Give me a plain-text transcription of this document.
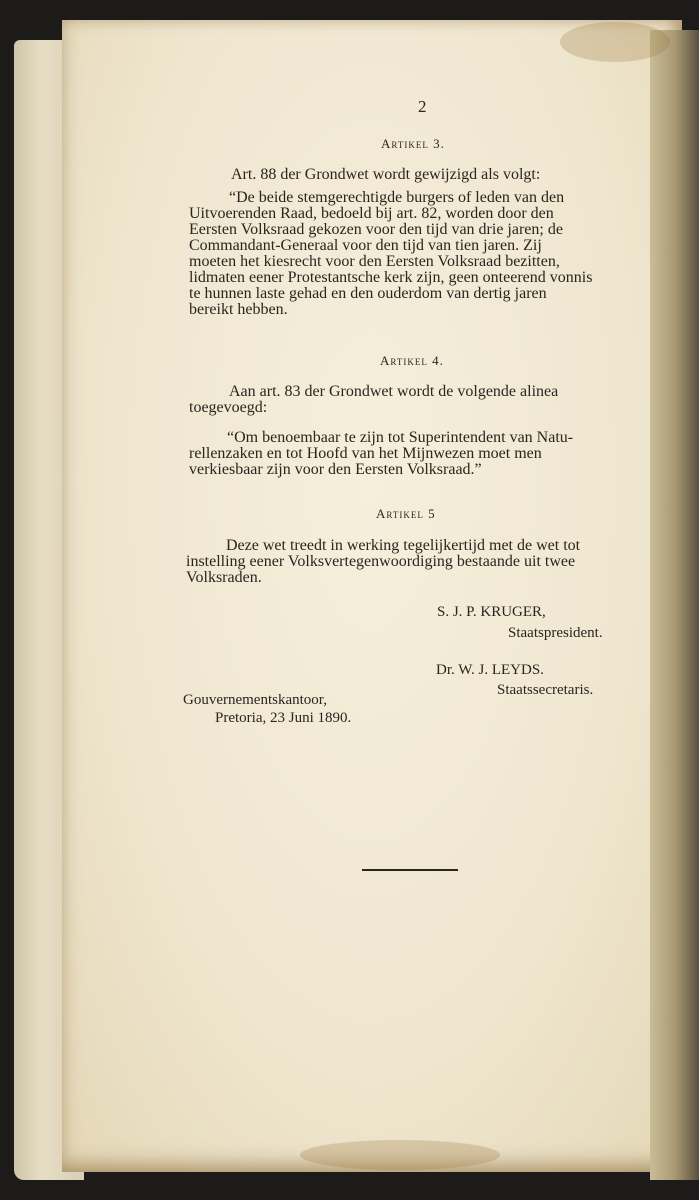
2
Artikel 3.
Art. 88 der Grondwet wordt gewijzigd als volgt:
“De beide stemgerechtigde burgers of leden van den
Uitvoerenden Raad, bedoeld bij art. 82, worden door den
Eersten Volksraad gekozen voor den tijd van drie jaren; de
Commandant-Generaal voor den tijd van tien jaren. Zij
moeten het kiesrecht voor den Eersten Volksraad bezitten,
lidmaten eener Protestantsche kerk zijn, geen onteerend vonnis
te hunnen laste gehad en den ouderdom van dertig jaren
bereikt hebben.
Artikel 4.
Aan art. 83 der Grondwet wordt de volgende alinea
toegevoegd:
“Om benoembaar te zijn tot Superintendent van Natu-
rellenzaken en tot Hoofd van het Mijnwezen moet men
verkiesbaar zijn voor den Eersten Volksraad.”
Artikel 5
Deze wet treedt in werking tegelijkertijd met de wet tot
instelling eener Volksvertegenwoordiging bestaande uit twee
Volksraden.
S. J. P. KRUGER,
Staatspresident.
Dr. W. J. LEYDS.
Staatssecretaris.
Gouvernementskantoor,
Pretoria, 23 Juni 1890.
